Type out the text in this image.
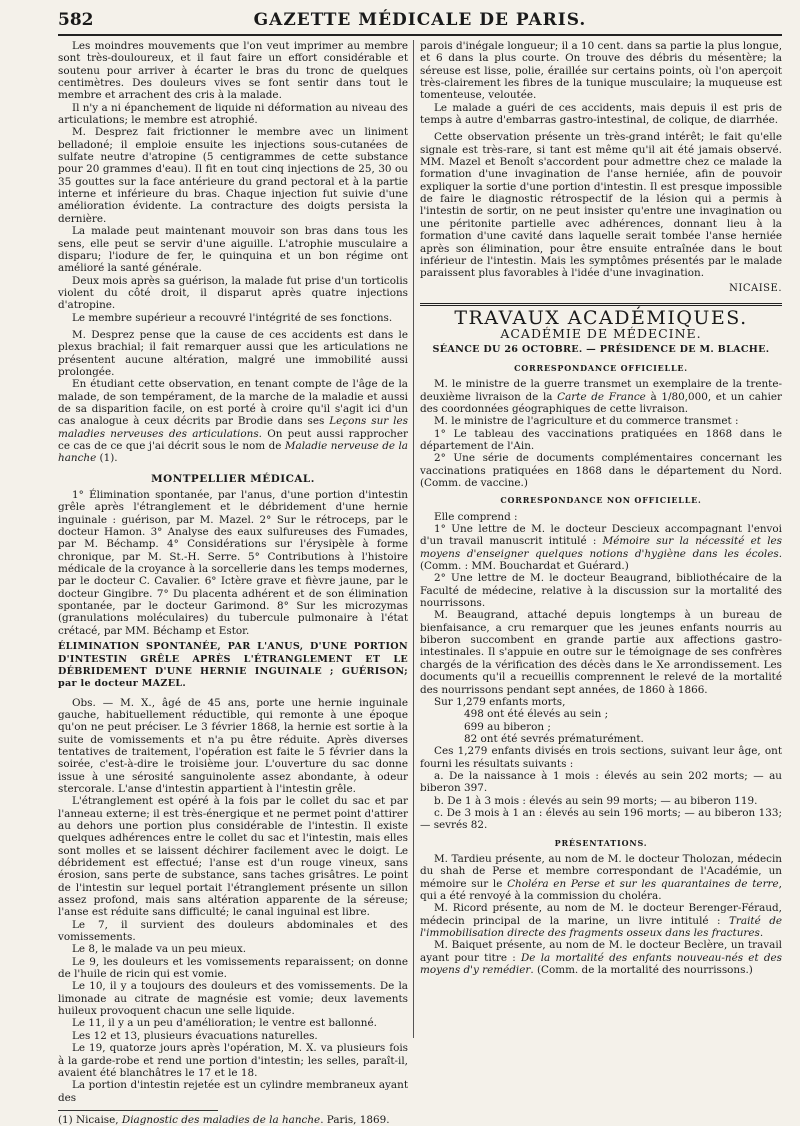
582	GAZETTE MÉDICALE DE PARIS.

Les moindres mouvements que l'on veut imprimer au membre sont très-douloureux, et il faut faire un effort considérable et soutenu pour arriver à écarter le bras du tronc de quelques centimètres. Des douleurs vives se font sentir dans tout le membre et arrachent des cris à la malade.

Il n'y a ni épanchement de liquide ni déformation au niveau des articulations; le membre est atrophié.

M. Desprez fait frictionner le membre avec un liniment belladoné; il emploie ensuite les injections sous-cutanées de sulfate neutre d'atropine (5 centigrammes de cette substance pour 20 grammes d'eau). Il fit en tout cinq injections de 25, 30 ou 35 gouttes sur la face antérieure du grand pectoral et à la partie interne et inférieure du bras. Chaque injection fut suivie d'une amélioration évidente. La contracture des doigts persista la dernière.

La malade peut maintenant mouvoir son bras dans tous les sens, elle peut se servir d'une aiguille. L'atrophie musculaire a disparu; l'iodure de fer, le quinquina et un bon régime ont amélioré la santé générale.

Deux mois après sa guérison, la malade fut prise d'un torticolis violent du côté droit, il disparut après quatre injections d'atropine.

Le membre supérieur a recouvré l'intégrité de ses fonctions.

M. Desprez pense que la cause de ces accidents est dans le plexus brachial; il fait remarquer aussi que les articulations ne présentent aucune altération, malgré une immobilité aussi prolongée.

En étudiant cette observation, en tenant compte de l'âge de la malade, de son tempérament, de la marche de la maladie et aussi de sa disparition facile, on est porté à croire qu'il s'agit ici d'un cas analogue à ceux décrits par Brodie dans ses Leçons sur les maladies nerveuses des articulations. On peut aussi rapprocher ce cas de ce que j'ai décrit sous le nom de Maladie nerveuse de la hanche (1).

MONTPELLIER MÉDICAL.

1° Élimination spontanée, par l'anus, d'une portion d'intestin grêle après l'étranglement et le débridement d'une hernie inguinale : guérison, par M. Mazel. 2° Sur le rétroceps, par le docteur Hamon. 3° Analyse des eaux sulfureuses des Fumades, par M. Béchamp. 4° Considérations sur l'érysipèle à forme chronique, par M. St.-H. Serre. 5° Contributions à l'histoire médicale de la croyance à la sorcellerie dans les temps modernes, par le docteur C. Cavalier. 6° Ictère grave et fièvre jaune, par le docteur Gingibre. 7° Du placenta adhérent et de son élimination spontanée, par le docteur Garimond. 8° Sur les microzymas (granulations moléculaires) du tubercule pulmonaire à l'état crétacé, par MM. Béchamp et Estor.

ÉLIMINATION SPONTANÉE, PAR L'ANUS, D'UNE PORTION D'INTESTIN GRÊLE APRÈS L'ÉTRANGLEMENT ET LE DÉBRIDEMENT D'UNE HERNIE INGUINALE ; GUÉRISON; par le docteur MAZEL.

Obs. — M. X., âgé de 45 ans, porte une hernie inguinale gauche, habituellement réductible, qui remonte à une époque qu'on ne peut préciser. Le 3 février 1868, la hernie est sortie à la suite de vomissements et n'a pu être réduite. Après diverses tentatives de traitement, l'opération est faite le 5 février dans la soirée, c'est-à-dire le troisième jour. L'ouverture du sac donne issue à une sérosité sanguinolente assez abondante, à odeur stercorale. L'anse d'intestin appartient à l'intestin grêle.

L'étranglement est opéré à la fois par le collet du sac et par l'anneau externe; il est très-énergique et ne permet point d'attirer au dehors une portion plus considérable de l'intestin. Il existe quelques adhérences entre le collet du sac et l'intestin, mais elles sont molles et se laissent déchirer facilement avec le doigt. Le débridement est effectué; l'anse est d'un rouge vineux, sans érosion, sans perte de substance, sans taches grisâtres. Le point de l'intestin sur lequel portait l'étranglement présente un sillon assez profond, mais sans altération apparente de la séreuse; l'anse est réduite sans difficulté; le canal inguinal est libre.

Le 7, il survient des douleurs abdominales et des vomissements.

Le 8, le malade va un peu mieux.

Le 9, les douleurs et les vomissements reparaissent; on donne de l'huile de ricin qui est vomie.

Le 10, il y a toujours des douleurs et des vomissements. De la limonade au citrate de magnésie est vomie; deux lavements huileux provoquent chacun une selle liquide.

Le 11, il y a un peu d'amélioration; le ventre est ballonné.

Les 12 et 13, plusieurs évacuations naturelles.

Le 19, quatorze jours après l'opération, M. X. va plusieurs fois à la garde-robe et rend une portion d'intestin; les selles, paraît-il, avaient été blanchâtres le 17 et le 18.

La portion d'intestin rejetée est un cylindre membraneux ayant des

(1) Nicaise, Diagnostic des maladies de la hanche. Paris, 1869.

parois d'inégale longueur; il a 10 cent. dans sa partie la plus longue, et 6 dans la plus courte. On trouve des débris du mésentère; la séreuse est lisse, polie, éraillée sur certains points, où l'on aperçoit très-clairement les fibres de la tunique musculaire; la muqueuse est tomenteuse, veloutée.

Le malade a guéri de ces accidents, mais depuis il est pris de temps à autre d'embarras gastro-intestinal, de colique, de diarrhée.

Cette observation présente un très-grand intérêt; le fait qu'elle signale est très-rare, si tant est même qu'il ait été jamais observé. MM. Mazel et Benoît s'accordent pour admettre chez ce malade la formation d'une invagination de l'anse herniée, afin de pouvoir expliquer la sortie d'une portion d'intestin. Il est presque impossible de faire le diagnostic rétrospectif de la lésion qui a permis à l'intestin de sortir, on ne peut insister qu'entre une invagination ou une péritonite partielle avec adhérences, donnant lieu à la formation d'une cavité dans laquelle serait tombée l'anse herniée après son élimination, pour être ensuite entraînée dans le bout inférieur de l'intestin. Mais les symptômes présentés par le malade paraissent plus favorables à l'idée d'une invagination.

NICAISE.
TRAVAUX ACADÉMIQUES.
ACADÉMIE DE MÉDECINE.
SÉANCE DU 26 OCTOBRE. — PRÉSIDENCE DE M. BLACHE.
CORRESPONDANCE OFFICIELLE.

M. le ministre de la guerre transmet un exemplaire de la trente-deuxième livraison de la Carte de France à 1/80,000, et un cahier des coordonnées géographiques de cette livraison.

M. le ministre de l'agriculture et du commerce transmet :

1° Le tableau des vaccinations pratiquées en 1868 dans le département de l'Ain.

2° Une série de documents complémentaires concernant les vaccinations pratiquées en 1868 dans le département du Nord. (Comm. de vaccine.)

CORRESPONDANCE NON OFFICIELLE.

Elle comprend :

1° Une lettre de M. le docteur Descieux accompagnant l'envoi d'un travail manuscrit intitulé : Mémoire sur la nécessité et les moyens d'enseigner quelques notions d'hygiène dans les écoles. (Comm. : MM. Bouchardat et Guérard.)

2° Une lettre de M. le docteur Beaugrand, bibliothécaire de la Faculté de médecine, relative à la discussion sur la mortalité des nourrissons.

M. Beaugrand, attaché depuis longtemps à un bureau de bienfaisance, a cru remarquer que les jeunes enfants nourris au biberon succombent en grande partie aux affections gastro-intestinales. Il s'appuie en outre sur le témoignage de ses confrères chargés de la vérification des décès dans le Xe arrondissement. Les documents qu'il a recueillis comprennent le relevé de la mortalité des nourrissons pendant sept années, de 1860 à 1866.

Sur 1,279 enfants morts,

498 ont été élevés au sein ;

699 au biberon ;

82 ont été sevrés prématurément.

Ces 1,279 enfants divisés en trois sections, suivant leur âge, ont fourni les résultats suivants :

a. De la naissance à 1 mois : élevés au sein 202 morts; — au biberon 397.

b. De 1 à 3 mois : élevés au sein 99 morts; — au biberon 119.

c. De 3 mois à 1 an : élevés au sein 196 morts; — au biberon 133; — sevrés 82.

PRÉSENTATIONS.

M. Tardieu présente, au nom de M. le docteur Tholozan, médecin du shah de Perse et membre correspondant de l'Académie, un mémoire sur le Choléra en Perse et sur les quarantaines de terre, qui a été renvoyé à la commission du choléra.

M. Ricord présente, au nom de M. le docteur Berenger-Féraud, médecin principal de la marine, un livre intitulé : Traité de l'immobilisation directe des fragments osseux dans les fractures.

M. Baiquet présente, au nom de M. le docteur Beclère, un travail ayant pour titre : De la mortalité des enfants nouveau-nés et des moyens d'y remédier. (Comm. de la mortalité des nourrissons.)
